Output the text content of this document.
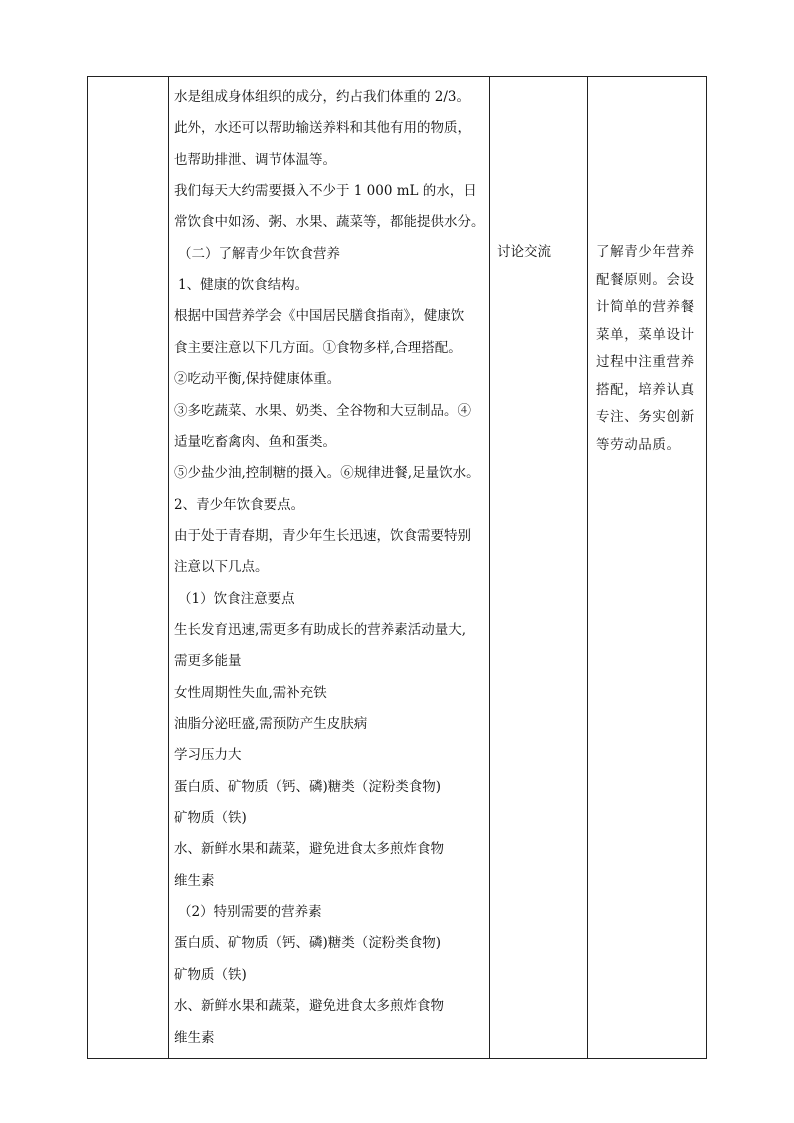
水是组成身体组织的成分，约占我们体重的 2/3。
此外，水还可以帮助输送养料和其他有用的物质，
也帮助排泄、调节体温等。
我们每天大约需要摄入不少于 1 000 mL 的水，日
常饮食中如汤、粥、水果、蔬菜等，都能提供水分。
（二）了解青少年饮食营养
1、健康的饮食结构。
根据中国营养学会《中国居民膳食指南》，健康饮
食主要注意以下几方面。①食物多样,合理搭配。
②吃动平衡,保持健康体重。
③多吃蔬菜、水果、奶类、全谷物和大豆制品。④
适量吃畜禽肉、鱼和蛋类。
⑤少盐少油,控制糖的摄入。⑥规律进餐,足量饮水。
2、青少年饮食要点。
由于处于青春期，青少年生长迅速，饮食需要特别
注意以下几点。
（1）饮食注意要点
生长发育迅速,需更多有助成长的营养素活动量大,
需更多能量
女性周期性失血,需补充铁
油脂分泌旺盛,需预防产生皮肤病
学习压力大
蛋白质、矿物质（钙、磷)糖类（淀粉类食物)
矿物质（铁)
水、新鲜水果和蔬菜，避免进食太多煎炸食物
维生素
（2）特别需要的营养素
蛋白质、矿物质（钙、磷)糖类（淀粉类食物)
矿物质（铁)
水、新鲜水果和蔬菜，避免进食太多煎炸食物
维生素
讨论交流	了解青少年营养
配餐原则。会设
计简单的营养餐
菜单，菜单设计
过程中注重营养
搭配，培养认真
专注、务实创新
等劳动品质。
